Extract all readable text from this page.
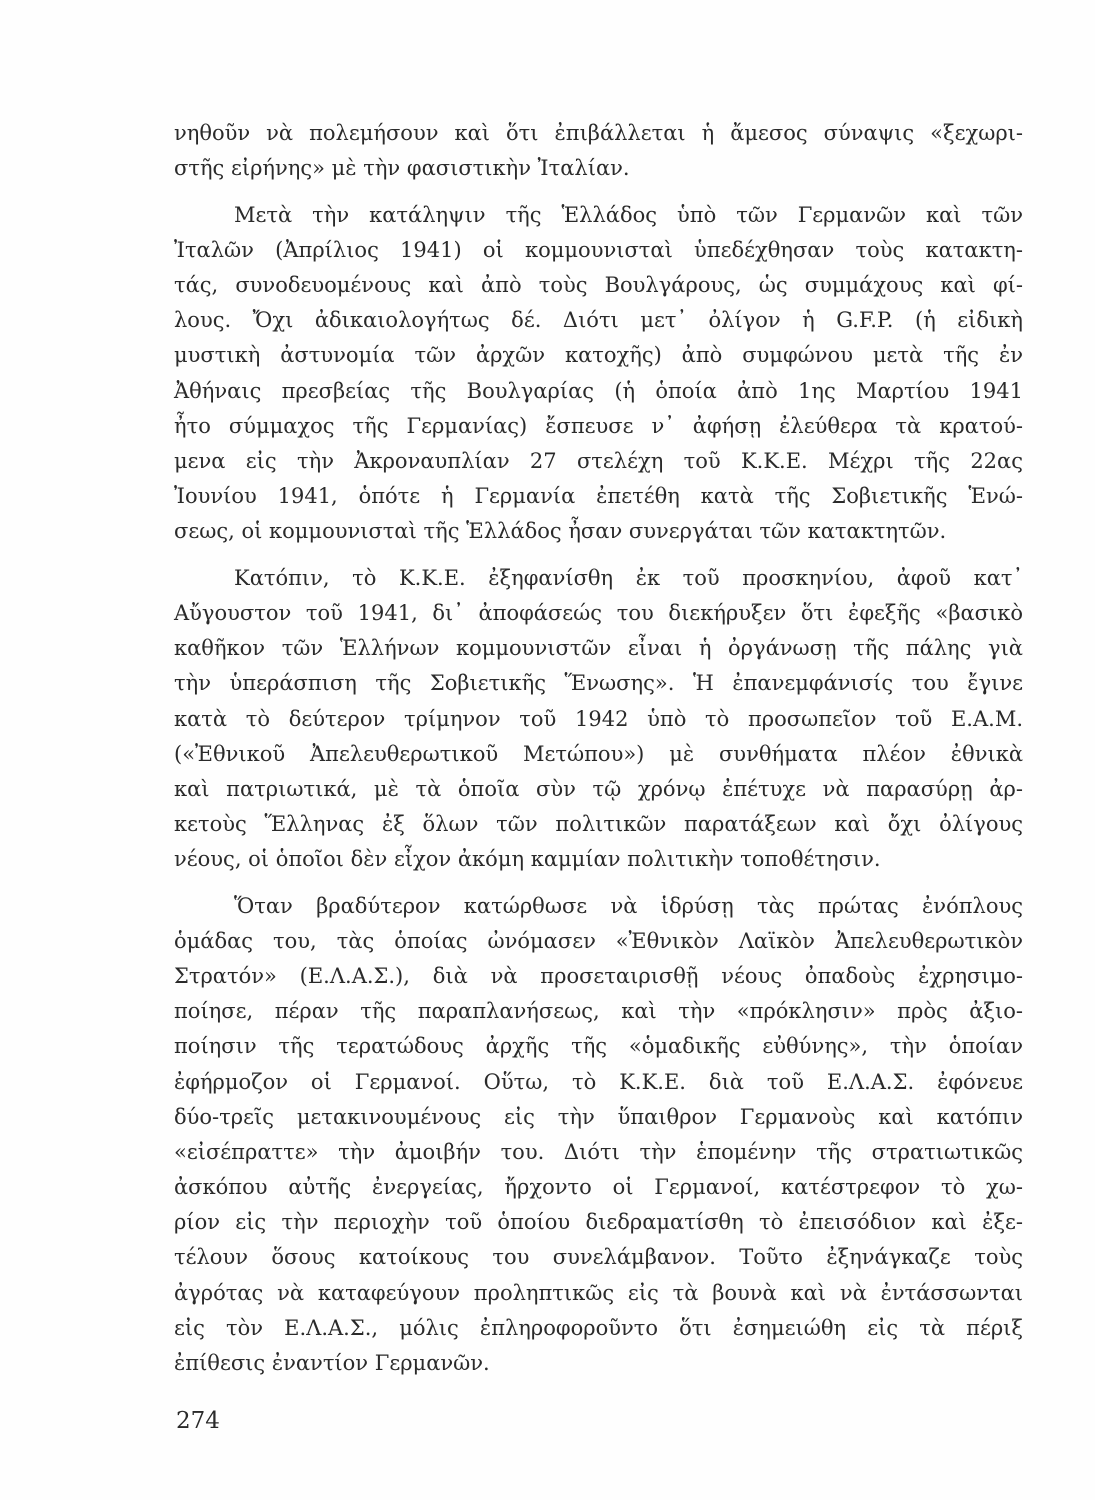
νηθοῦν νὰ πολεμήσουν καὶ ὅτι ἐπιβάλλεται ἡ ἄμεσος σύναψις «ξεχωρι-
στῆς εἰρήνης» μὲ τὴν φασιστικὴν Ἰταλίαν.
Μετὰ τὴν κατάληψιν τῆς Ἑλλάδος ὑπὸ τῶν Γερμανῶν καὶ τῶν
Ἰταλῶν (Ἀπρίλιος 1941) οἱ κομμουνισταὶ ὑπεδέχθησαν τοὺς κατακτη-
τάς, συνοδευομένους καὶ ἀπὸ τοὺς Βουλγάρους, ὡς συμμάχους καὶ φί-
λους. Ὄχι ἀδικαιολογήτως δέ. Διότι μετ᾽ ὀλίγον ἡ G.F.P. (ἡ εἰδικὴ
μυστικὴ ἀστυνομία τῶν ἀρχῶν κατοχῆς) ἀπὸ συμφώνου μετὰ τῆς ἐν
Ἀθήναις πρεσβείας τῆς Βουλγαρίας (ἡ ὁποία ἀπὸ 1ης Μαρτίου 1941
ἦτο σύμμαχος τῆς Γερμανίας) ἔσπευσε ν᾽ ἀφήσῃ ἐλεύθερα τὰ κρατού-
μενα εἰς τὴν Ἀκροναυπλίαν 27 στελέχη τοῦ Κ.Κ.Ε. Μέχρι τῆς 22ας
Ἰουνίου 1941, ὁπότε ἡ Γερμανία ἐπετέθη κατὰ τῆς Σοβιετικῆς Ἑνώ-
σεως, οἱ κομμουνισταὶ τῆς Ἑλλάδος ἦσαν συνεργάται τῶν κατακτητῶν.
Κατόπιν, τὸ Κ.Κ.Ε. ἐξηφανίσθη ἐκ τοῦ προσκηνίου, ἀφοῦ κατ᾽
Αὔγουστον τοῦ 1941, δι᾽ ἀποφάσεώς του διεκήρυξεν ὅτι ἐφεξῆς «βασικὸ
καθῆκον τῶν Ἑλλήνων κομμουνιστῶν εἶναι ἡ ὀργάνωσῃ τῆς πάλης γιὰ
τὴν ὑπεράσπιση τῆς Σοβιετικῆς Ἕνωσης». Ἡ ἐπανεμφάνισίς του ἔγινε
κατὰ τὸ δεύτερον τρίμηνον τοῦ 1942 ὑπὸ τὸ προσωπεῖον τοῦ Ε.Α.Μ.
(«Ἐθνικοῦ Ἀπελευθερωτικοῦ Μετώπου») μὲ συνθήματα πλέον ἐθνικὰ
καὶ πατριωτικά, μὲ τὰ ὁποῖα σὺν τῷ χρόνῳ ἐπέτυχε νὰ παρασύρῃ ἀρ-
κετοὺς Ἕλληνας ἐξ ὅλων τῶν πολιτικῶν παρατάξεων καὶ ὄχι ὀλίγους
νέους, οἱ ὁποῖοι δὲν εἶχον ἀκόμη καμμίαν πολιτικὴν τοποθέτησιν.
Ὅταν βραδύτερον κατώρθωσε νὰ ἱδρύσῃ τὰς πρώτας ἐνόπλους
ὁμάδας του, τὰς ὁποίας ὠνόμασεν «Ἐθνικὸν Λαϊκὸν Ἀπελευθερωτικὸν
Στρατόν» (Ε.Λ.Α.Σ.), διὰ νὰ προσεταιρισθῇ νέους ὀπαδοὺς ἐχρησιμο-
ποίησε, πέραν τῆς παραπλανήσεως, καὶ τὴν «πρόκλησιν» πρὸς ἀξιο-
ποίησιν τῆς τερατώδους ἀρχῆς τῆς «ὁμαδικῆς εὐθύνης», τὴν ὁποίαν
ἐφήρμοζον οἱ Γερμανοί. Οὕτω, τὸ Κ.Κ.Ε. διὰ τοῦ Ε.Λ.Α.Σ. ἐφόνευε
δύο-τρεῖς μετακινουμένους εἰς τὴν ὕπαιθρον Γερμανοὺς καὶ κατόπιν
«εἰσέπραττε» τὴν ἀμοιβήν του. Διότι τὴν ἑπομένην τῆς στρατιωτικῶς
ἀσκόπου αὐτῆς ἐνεργείας, ἤρχοντο οἱ Γερμανοί, κατέστρεφον τὸ χω-
ρίον εἰς τὴν περιοχὴν τοῦ ὁποίου διεδραματίσθη τὸ ἐπεισόδιον καὶ ἐξε-
τέλουν ὅσους κατοίκους του συνελάμβανον. Τοῦτο ἐξηνάγκαζε τοὺς
ἀγρότας νὰ καταφεύγουν προληπτικῶς εἰς τὰ βουνὰ καὶ νὰ ἐντάσσωνται
εἰς τὸν Ε.Λ.Α.Σ., μόλις ἐπληροφοροῦντο ὅτι ἐσημειώθη εἰς τὰ πέριξ
ἐπίθεσις ἐναντίον Γερμανῶν.
274
